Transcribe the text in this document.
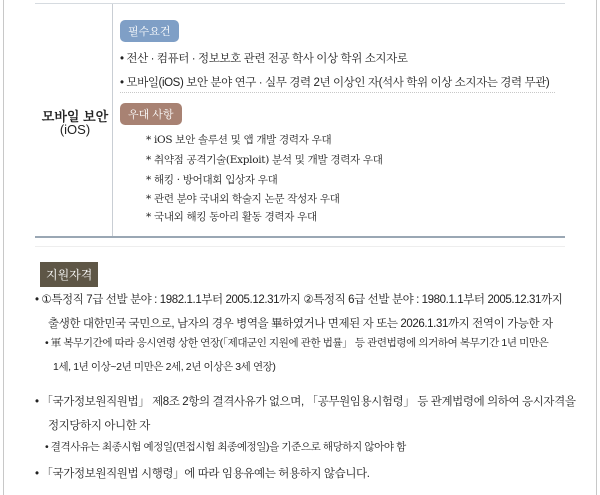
모바일 보안
(iOS)
필수요건
• 전산 · 컴퓨터 · 정보보호 관련 전공 학사 이상 학위 소지자로
• 모바일(iOS) 보안 분야 연구 · 실무 경력 2년 이상인 자(석사 학위 이상 소지자는 경력 무관)
우대 사항
* iOS 보안 솔루션 및 앱 개발 경력자 우대
* 취약점 공격기술(Exploit) 분석 및 개발 경력자 우대
* 해킹 · 방어대회 입상자 우대
* 관련 분야 국내외 학술지 논문 작성자 우대
* 국내외 해킹 동아리 활동 경력자 우대
지원자격
• ①특정직 7급 선발 분야 : 1982.1.1부터 2005.12.31까지 ②특정직 6급 선발 분야 : 1980.1.1부터 2005.12.31까지
출생한 대한민국 국민으로, 남자의 경우 병역을 畢하였거나 면제된 자 또는 2026.1.31까지 전역이 가능한 자
• 軍 복무기간에 따라 응시연령 상한 연장(「제대군인 지원에 관한 법률」 등 관련법령에 의거하여 복무기간 1년 미만은
1세, 1년 이상~2년 미만은 2세, 2년 이상은 3세 연장)
• 「국가정보원직원법」 제8조 2항의 결격사유가 없으며, 「공무원임용시험령」 등 관계법령에 의하여 응시자격을
정지당하지 아니한 자
• 결격사유는 최종시험 예정일(면접시험 최종예정일)을 기준으로 해당하지 않아야 함
• 「국가정보원직원법 시행령」에 따라 임용유예는 허용하지 않습니다.
